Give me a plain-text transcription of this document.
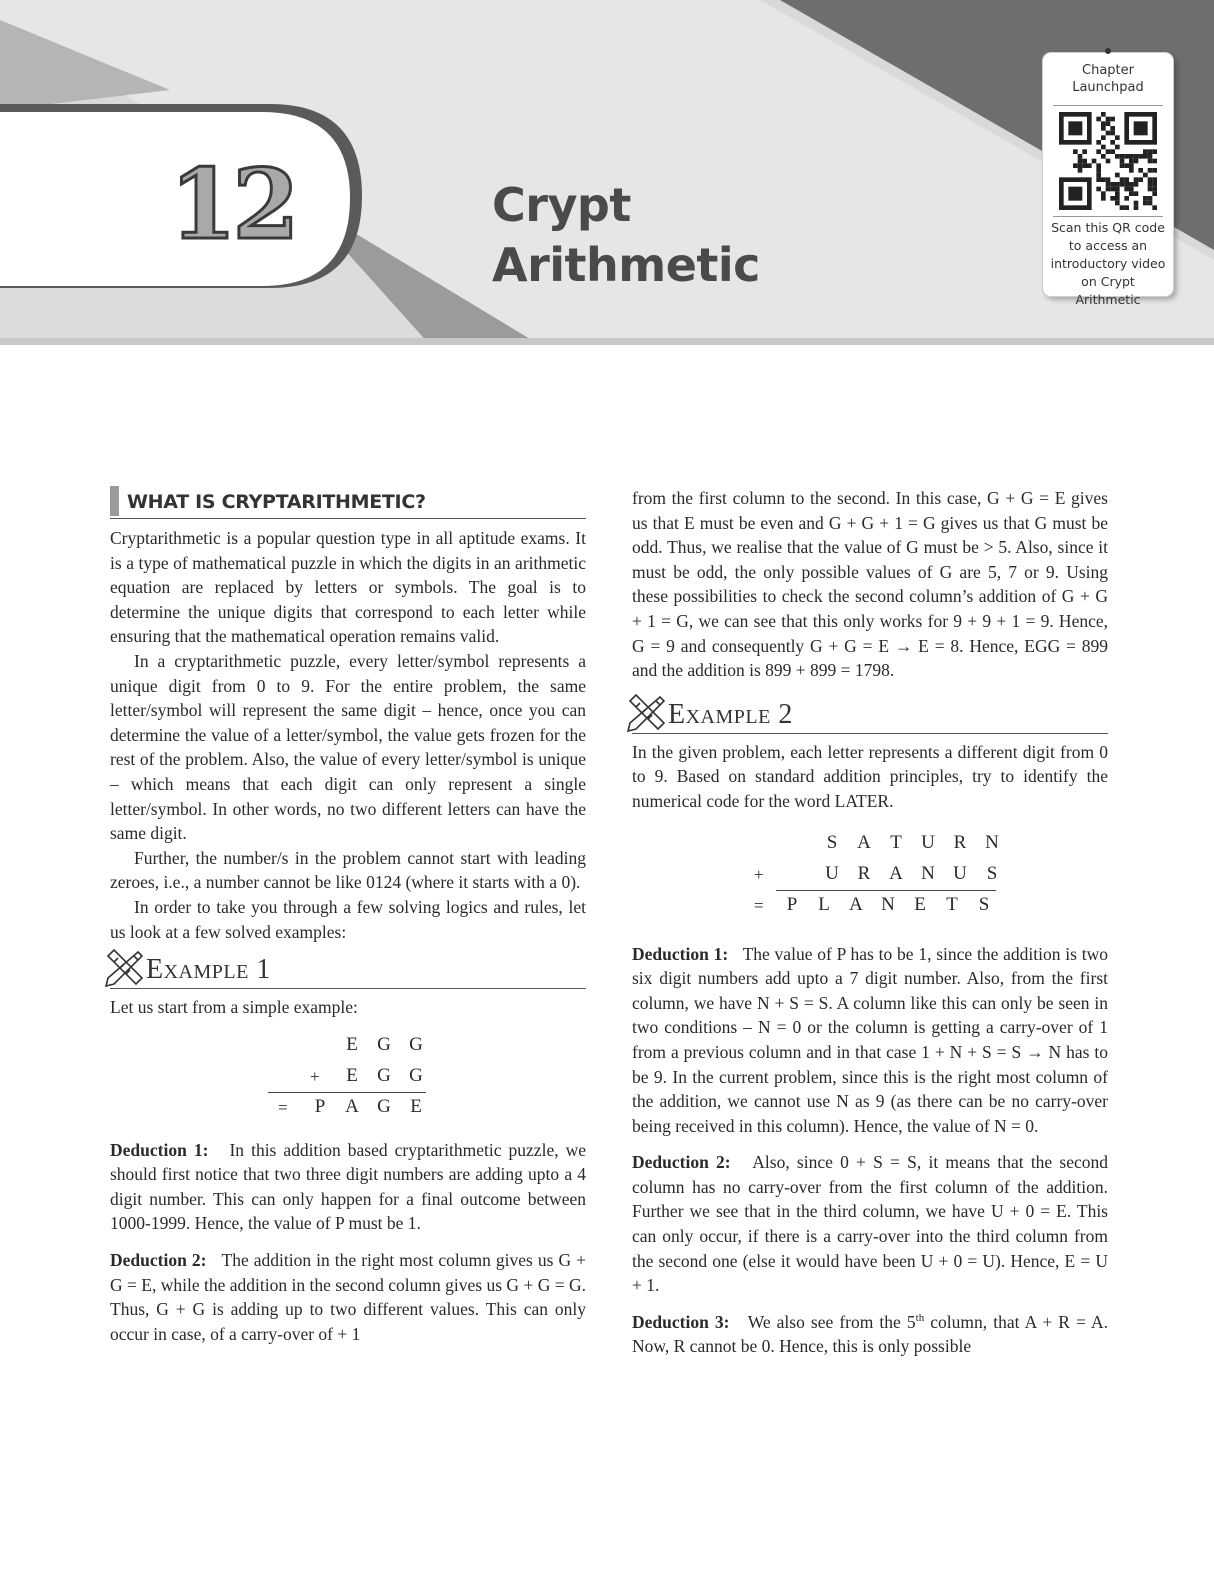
12	Crypt Arithmetic
Chapter Launchpad
Scan this QR code to access an introductory video on Crypt Arithmetic
WHAT IS CRYPTARITHMETIC?

Cryptarithmetic is a popular question type in all aptitude exams. It is a type of mathematical puzzle in which the digits in an arithmetic equation are replaced by letters or symbols. The goal is to determine the unique digits that correspond to each letter while ensuring that the mathematical operation remains valid.

In a cryptarithmetic puzzle, every letter/symbol represents a unique digit from 0 to 9. For the entire problem, the same letter/symbol will represent the same digit – hence, once you can determine the value of a letter/symbol, the value gets frozen for the rest of the problem. Also, the value of every letter/symbol is unique – which means that each digit can only represent a single letter/symbol. In other words, no two different letters can have the same digit.

Further, the number/s in the problem cannot start with leading zeroes, i.e., a number cannot be like 0124 (where it starts with a 0).

In order to take you through a few solving logics and rules, let us look at a few solved examples:

Example 1

Let us start from a simple example:

E G G
+	E G G
=	P A G E

Deduction 1: In this addition based cryptarithmetic puzzle, we should first notice that two three digit numbers are adding upto a 4 digit number. This can only happen for a final outcome between 1000-1999. Hence, the value of P must be 1.

Deduction 2: The addition in the right most column gives us G + G = E, while the addition in the second column gives us G + G = G. Thus, G + G is adding up to two different values. This can only occur in case, of a carry-over of + 1

from the first column to the second. In this case, G + G = E gives us that E must be even and G + G + 1 = G gives us that G must be odd. Thus, we realise that the value of G must be > 5. Also, since it must be odd, the only possible values of G are 5, 7 or 9. Using these possibilities to check the second column’s addition of G + G + 1 = G, we can see that this only works for 9 + 9 + 1 = 9. Hence, G = 9 and consequently G + G = E → E = 8. Hence, EGG = 899 and the addition is 899 + 899 = 1798.

Example 2

In the given problem, each letter represents a different digit from 0 to 9. Based on standard addition principles, try to identify the numerical code for the word LATER.

S A T U R N
+	U R A N U S
=	P L A N E T S

Deduction 1: The value of P has to be 1, since the addition is two six digit numbers add upto a 7 digit number. Also, from the first column, we have N + S = S. A column like this can only be seen in two conditions – N = 0 or the column is getting a carry-over of 1 from a previous column and in that case 1 + N + S = S → N has to be 9. In the current problem, since this is the right most column of the addition, we cannot use N as 9 (as there can be no carry-over being received in this column). Hence, the value of N = 0.

Deduction 2: Also, since 0 + S = S, it means that the second column has no carry-over from the first column of the addition. Further we see that in the third column, we have U + 0 = E. This can only occur, if there is a carry-over into the third column from the second one (else it would have been U + 0 = U). Hence, E = U + 1.

Deduction 3: We also see from the 5th column, that A + R = A. Now, R cannot be 0. Hence, this is only possible
